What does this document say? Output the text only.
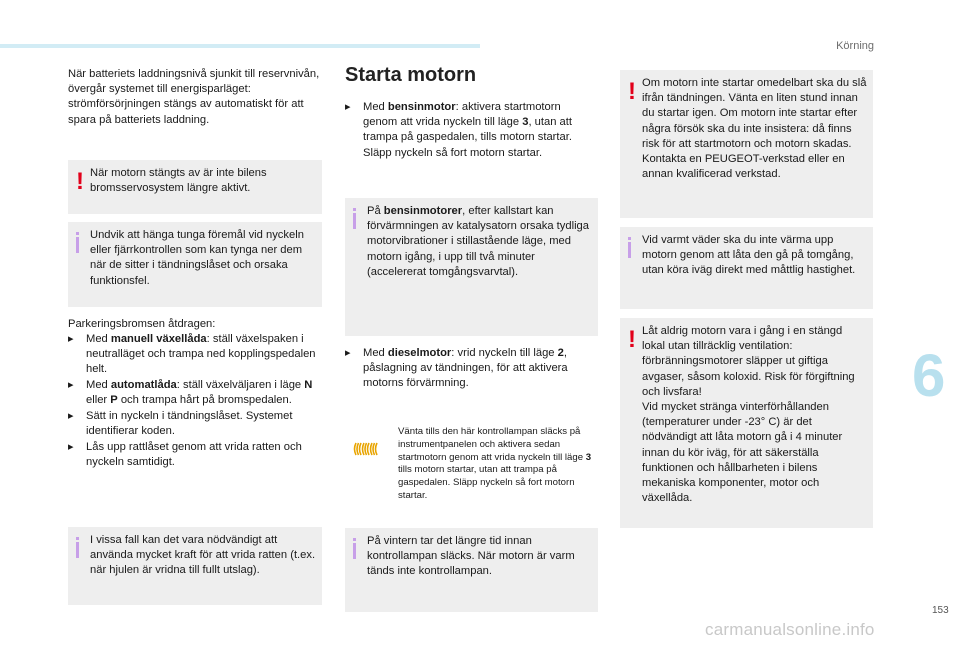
Körning
6
153
carmanualsonline.info
När batteriets laddningsnivå sjunkit till reservnivån, övergår systemet till energisparläget: strömförsörjningen stängs av automatiskt för att spara på batteriets laddning.
! När motorn stängts av är inte bilens bromsservosystem längre aktivt.
Undvik att hänga tunga föremål vid nyckeln eller fjärrkontrollen som kan tynga ner dem när de sitter i tändningslåset och orsaka funktionsfel.
Parkeringsbromsen åtdragen:
▸	Med manuell växellåda: ställ växelspaken i neutralläget och trampa ned kopplingspedalen helt.
▸	Med automatlåda: ställ växelväljaren i läge N eller P och trampa hårt på bromspedalen.
▸	Sätt in nyckeln i tändningslåset. Systemet identifierar koden.
▸	Lås upp rattlåset genom att vrida ratten och nyckeln samtidigt.
I vissa fall kan det vara nödvändigt att använda mycket kraft för att vrida ratten (t.ex. när hjulen är vridna till fullt utslag).
Starta motorn
▸	Med bensinmotor: aktivera startmotorn genom att vrida nyckeln till läge 3, utan att trampa på gaspedalen, tills motorn startar. Släpp nyckeln så fort motorn startar.
På bensinmotorer, efter kallstart kan förvärmningen av katalysatorn orsaka tydliga motorvibrationer i stillastående läge, med motorn igång, i upp till två minuter (accelererat tomgångsvarvtal).
▸	Med dieselmotor: vrid nyckeln till läge 2, påslagning av tändningen, för att aktivera motorns förvärmning.
Vänta tills den här kontrollampan släcks på instrumentpanelen och aktivera sedan startmotorn genom att vrida nyckeln till läge 3 tills motorn startar, utan att trampa på gaspedalen. Släpp nyckeln så fort motorn startar.
På vintern tar det längre tid innan kontrollampan släcks. När motorn är varm tänds inte kontrollampan.
! Om motorn inte startar omedelbart ska du slå ifrån tändningen. Vänta en liten stund innan du startar igen. Om motorn inte startar efter några försök ska du inte insistera: då finns risk för att startmotorn och motorn skadas. Kontakta en PEUGEOT-verkstad eller en annan kvalificerad verkstad.
Vid varmt väder ska du inte värma upp motorn genom att låta den gå på tomgång, utan köra iväg direkt med måttlig hastighet.
! Låt aldrig motorn vara i gång i en stängd lokal utan tillräcklig ventilation: förbränningsmotorer släpper ut giftiga avgaser, såsom koloxid. Risk för förgiftning och livsfara!
Vid mycket stränga vinterförhållanden (temperaturer under -23° C) är det nödvändigt att låta motorn gå i 4 minuter innan du kör iväg, för att säkerställa funktionen och hållbarheten i bilens mekaniska komponenter, motor och växellåda.
